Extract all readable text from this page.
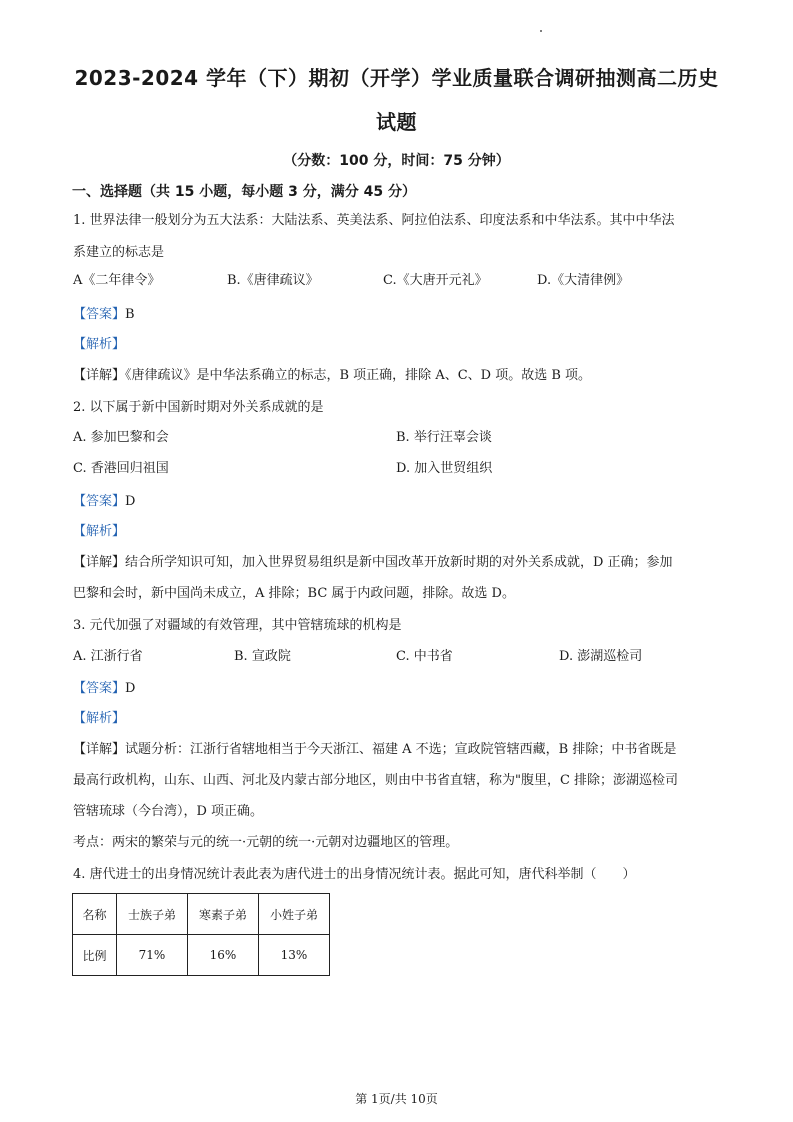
2023-2024 学年（下）期初（开学）学业质量联合调研抽测高二历史
试题
（分数：100 分，时间：75 分钟）
一、选择题（共 15 小题，每小题 3 分，满分 45 分）
1. 世界法律一般划分为五大法系：大陆法系、英美法系、阿拉伯法系、印度法系和中华法系。其中中华法
系建立的标志是
A《二年律令》	B.《唐律疏议》	C.《大唐开元礼》	D.《大清律例》
【答案】B
【解析】
【详解】《唐律疏议》是中华法系确立的标志，B 项正确，排除 A、C、D 项。故选 B 项。
2. 以下属于新中国新时期对外关系成就的是
A. 参加巴黎和会	B. 举行汪辜会谈
C. 香港回归祖国	D. 加入世贸组织
【答案】D
【解析】
【详解】结合所学知识可知，加入世界贸易组织是新中国改革开放新时期的对外关系成就，D 正确；参加
巴黎和会时，新中国尚未成立，A 排除；BC 属于内政问题，排除。故选 D。
3. 元代加强了对疆域的有效管理，其中管辖琉球的机构是
A. 江浙行省	B. 宣政院	C. 中书省	D. 澎湖巡检司
【答案】D
【解析】
【详解】试题分析：江浙行省辖地相当于今天浙江、福建 A 不选；宣政院管辖西藏，B 排除；中书省既是
最高行政机构，山东、山西、河北及内蒙古部分地区，则由中书省直辖，称为"腹里，C 排除；澎湖巡检司
管辖琉球（今台湾），D 项正确。
考点：两宋的繁荣与元的统一·元朝的统一·元朝对边疆地区的管理。
4. 唐代进士的出身情况统计表此表为唐代进士的出身情况统计表。据此可知，唐代科举制（　　）
名称	士族子弟	寒素子弟	小姓子弟
比例	71%	16%	13%
第 1页/共 10页
